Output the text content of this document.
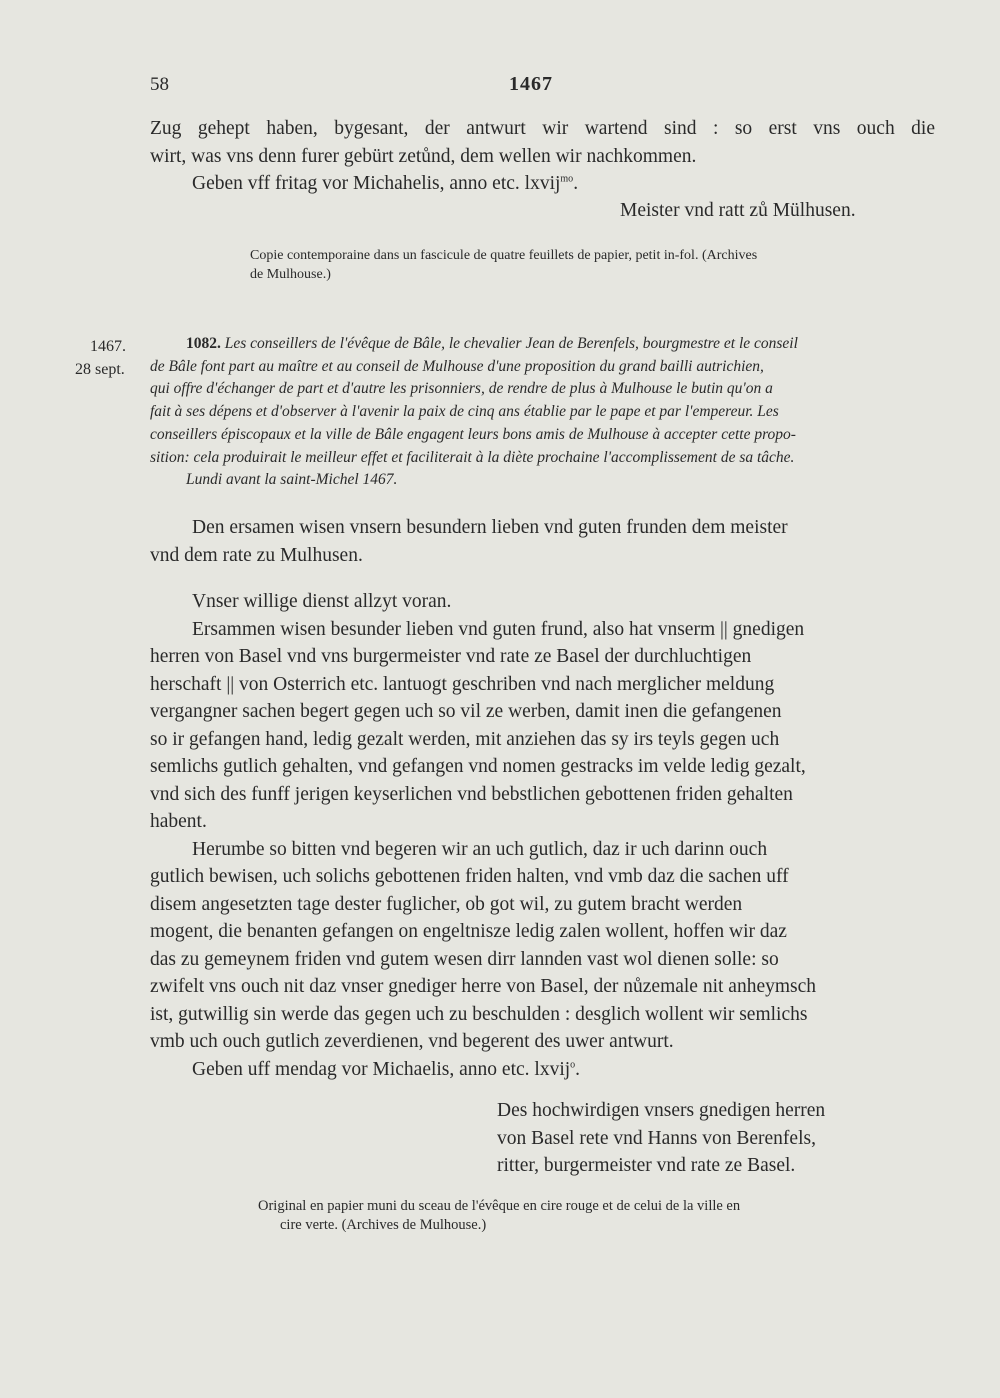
58	1467
Zug gehept haben, bygesant, der antwurt wir wartend sind : so erst vns ouch die
wirt, was vns denn furer gebürt zetůnd, dem wellen wir nachkommen.
Geben vff fritag vor Michahelis, anno etc. lxvij$^{mo}$.
Meister vnd ratt zů Mülhusen.
Copie contemporaine dans un fascicule de quatre feuillets de papier, petit in-fol. (Archives
de Mulhouse.)
1467.
28 sept.
1082. Les conseillers de l'évêque de Bâle, le chevalier Jean de Berenfels, bourgmestre et le conseil
de Bâle font part au maître et au conseil de Mulhouse d'une proposition du grand bailli autrichien,
qui offre d'échanger de part et d'autre les prisonniers, de rendre de plus à Mulhouse le butin qu'on a
fait à ses dépens et d'observer à l'avenir la paix de cinq ans établie par le pape et par l'empereur. Les
conseillers épiscopaux et la ville de Bâle engagent leurs bons amis de Mulhouse à accepter cette propo-
sition: cela produirait le meilleur effet et faciliterait à la diète prochaine l'accomplissement de sa tâche.
Lundi avant la saint-Michel 1467.
Den ersamen wisen vnsern besundern lieben vnd guten frunden dem meister
vnd dem rate zu Mulhusen.
Vnser willige dienst allzyt voran.
Ersammen wisen besunder lieben vnd guten frund, also hat vnserm || gnedigen
herren von Basel vnd vns burgermeister vnd rate ze Basel der durchluchtigen
herschaft || von Osterrich etc. lantuogt geschriben vnd nach merglicher meldung
vergangner sachen begert gegen uch so vil ze werben, damit inen die gefangenen
so ir gefangen hand, ledig gezalt werden, mit anziehen das sy irs teyls gegen uch
semlichs gutlich gehalten, vnd gefangen vnd nomen gestracks im velde ledig gezalt,
vnd sich des funff jerigen keyserlichen vnd bebstlichen gebottenen friden gehalten
habent.
Herumbe so bitten vnd begeren wir an uch gutlich, daz ir uch darinn ouch
gutlich bewisen, uch solichs gebottenen friden halten, vnd vmb daz die sachen uff
disem angesetzten tage dester fuglicher, ob got wil, zu gutem bracht werden
mogent, die benanten gefangen on engeltnisze ledig zalen wollent, hoffen wir daz
das zu gemeynem friden vnd gutem wesen dirr lannden vast wol dienen solle: so
zwifelt vns ouch nit daz vnser gnediger herre von Basel, der nůzemale nit anheymsch
ist, gutwillig sin werde das gegen uch zu beschulden : desglich wollent wir semlichs
vmb uch ouch gutlich zeverdienen, vnd begerent des uwer antwurt.
Geben uff mendag vor Michaelis, anno etc. lxvij$^o$.
Des hochwirdigen vnsers gnedigen herren
von Basel rete vnd Hanns von Berenfels,
ritter, burgermeister vnd rate ze Basel.
Original en papier muni du sceau de l'évêque en cire rouge et de celui de la ville en
cire verte. (Archives de Mulhouse.)
